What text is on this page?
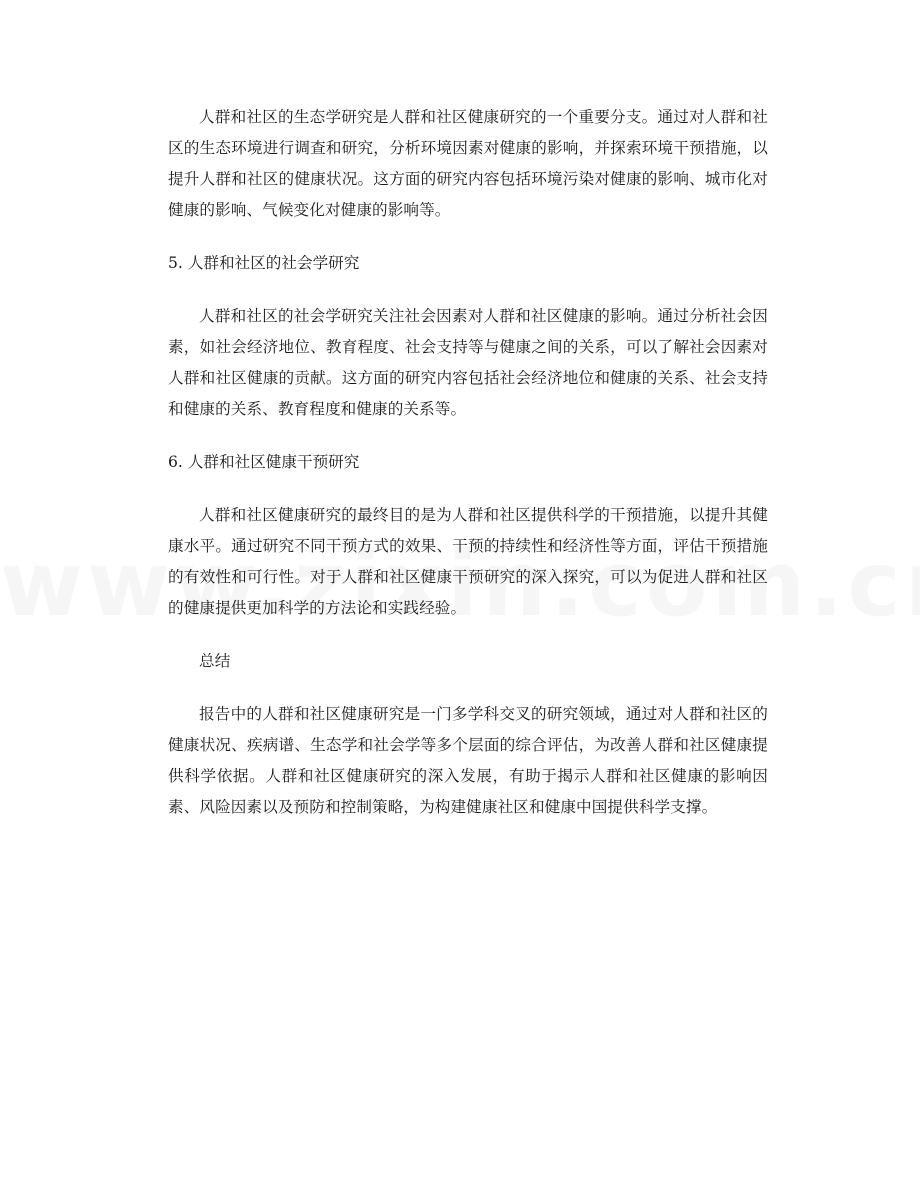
人群和社区的生态学研究是人群和社区健康研究的一个重要分支。通过对人群和社区的生态环境进行调查和研究，分析环境因素对健康的影响，并探索环境干预措施，以提升人群和社区的健康状况。这方面的研究内容包括环境污染对健康的影响、城市化对健康的影响、气候变化对健康的影响等。

5. 人群和社区的社会学研究

人群和社区的社会学研究关注社会因素对人群和社区健康的影响。通过分析社会因素，如社会经济地位、教育程度、社会支持等与健康之间的关系，可以了解社会因素对人群和社区健康的贡献。这方面的研究内容包括社会经济地位和健康的关系、社会支持和健康的关系、教育程度和健康的关系等。

6. 人群和社区健康干预研究

人群和社区健康研究的最终目的是为人群和社区提供科学的干预措施，以提升其健康水平。通过研究不同干预方式的效果、干预的持续性和经济性等方面，评估干预措施的有效性和可行性。对于人群和社区健康干预研究的深入探究，可以为促进人群和社区的健康提供更加科学的方法论和实践经验。

总结

报告中的人群和社区健康研究是一门多学科交叉的研究领域，通过对人群和社区的健康状况、疾病谱、生态学和社会学等多个层面的综合评估，为改善人群和社区健康提供科学依据。人群和社区健康研究的深入发展，有助于揭示人群和社区健康的影响因素、风险因素以及预防和控制策略，为构建健康社区和健康中国提供科学支撑。
